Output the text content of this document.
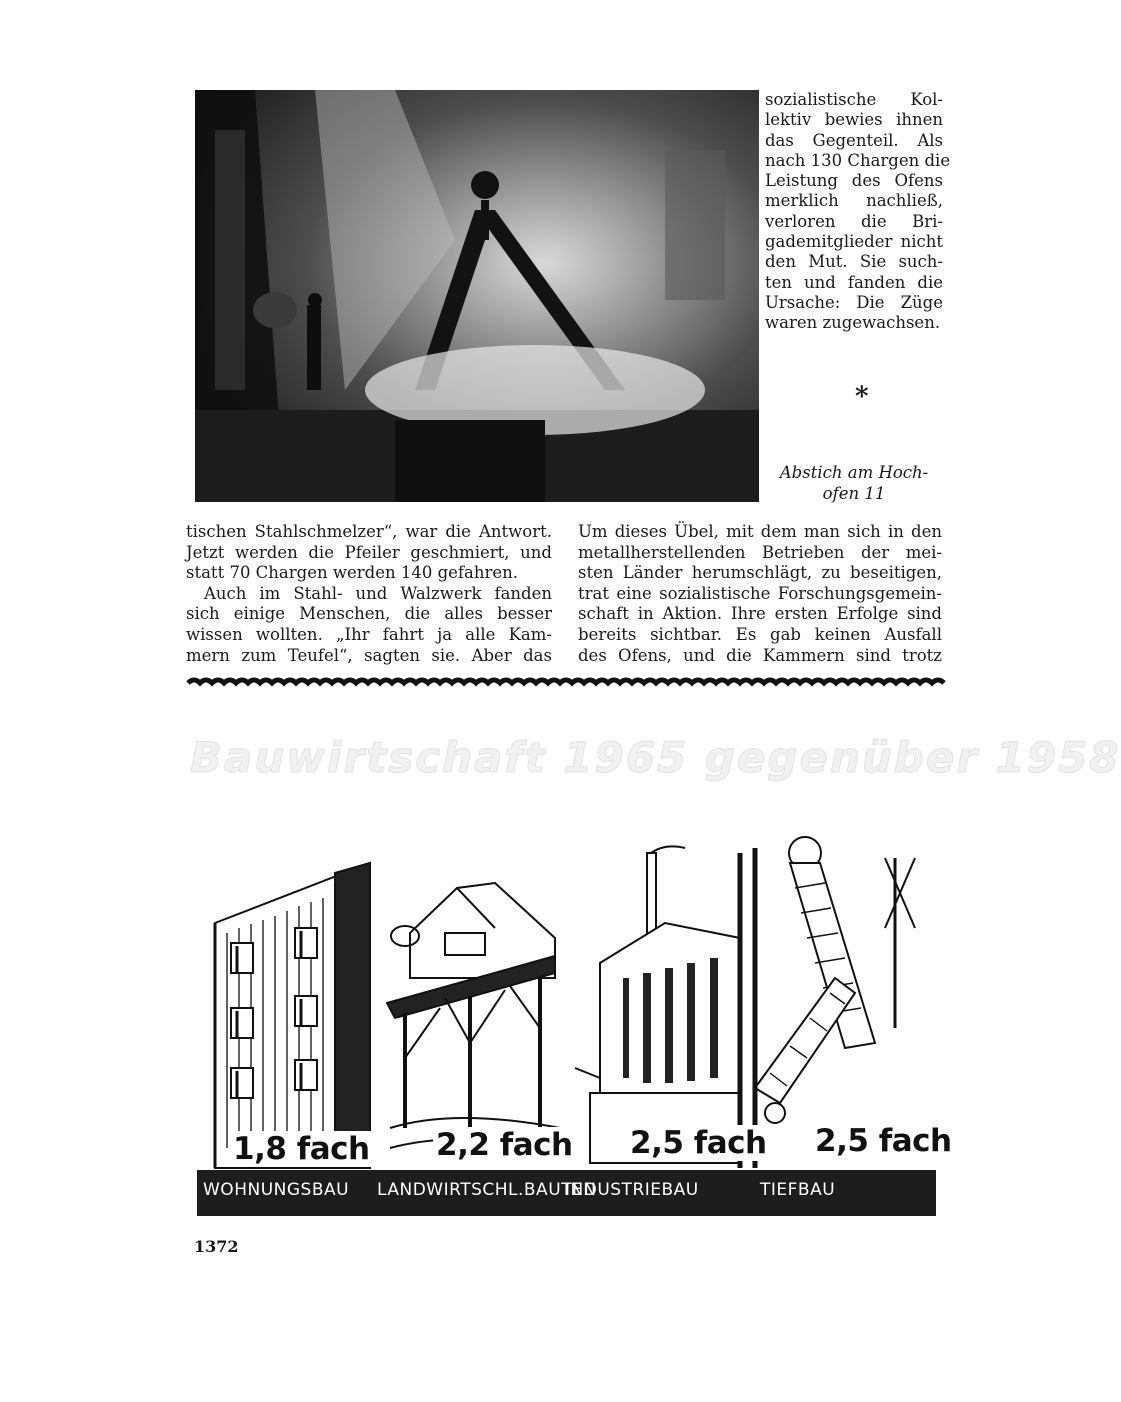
sozialistische Kol-
lektiv bewies ihnen
das Gegenteil. Als
nach 130 Chargen die
Leistung des Ofens
merklich nachließ,
verloren die Bri-
gademitglieder nicht
den Mut. Sie such-
ten und fanden die
Ursache: Die Züge
waren zugewachsen.
*
Abstich am Hoch-
ofen 11
tischen Stahlschmelzer“, war die Antwort.
Jetzt werden die Pfeiler geschmiert, und
statt 70 Chargen werden 140 gefahren.
Auch im Stahl- und Walzwerk fanden
sich einige Menschen, die alles besser
wissen wollten. „Ihr fahrt ja alle Kam-
mern zum Teufel“, sagten sie. Aber das
Um dieses Übel, mit dem man sich in den
metallherstellenden Betrieben der mei-
sten Länder herumschlägt, zu beseitigen,
trat eine sozialistische Forschungsgemein-
schaft in Aktion. Ihre ersten Erfolge sind
bereits sichtbar. Es gab keinen Ausfall
des Ofens, und die Kammern sind trotz
Bauwirtschaft 1965 gegenüber 1958
1,8 fach 2,2 fach 2,5 fach 2,5 fach
WOHNUNGSBAU LANDWIRTSCHL.BAUTEN
INDUSTRIEBAU	TIEFBAU
1372
